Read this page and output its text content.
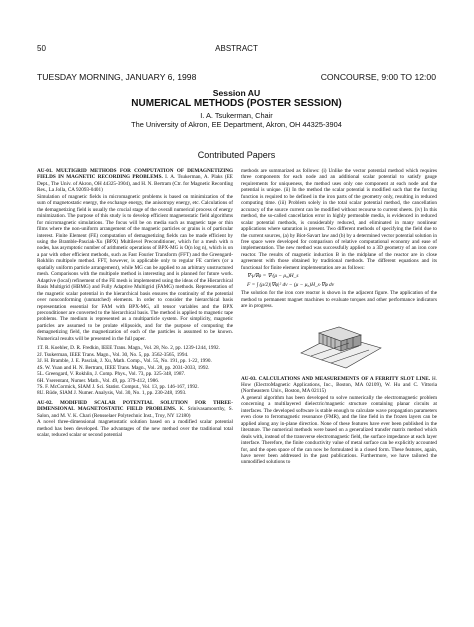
50	ABSTRACT
TUESDAY MORNING, JANUARY 6, 1998	CONCOURSE, 9:00 TO 12:00
Session AU
NUMERICAL METHODS (POSTER SESSION)
I. A. Tsukerman, Chair
The University of Akron, EE Department, Akron, OH 44325-3904
Contributed Papers

AU-01. MULTIGRID METHODS FOR COMPUTATION OF DEMAGNETIZING FIELDS IN MAGNETIC RECORDING PROBLEMS. I. A. Tsukerman, A. Plaks (EE Dept., The Univ. of Akron, OH 44325-3904), and H. N. Bertram (Ctr. for Magnetic Recording Res., La Jolla, CA 92093-0401)

Simulation of magnetic fields in micromagnetic problems is based on minimization of the sum of magnetostatic energy, the exchange energy, the anisotropy energy, etc. Calculations of the demagnetizing field is usually the crucial stage of the overall numerical process of energy minimization. The purpose of this study is to develop efficient magnetostatic field algorithms for micromagnetic simulations. The focus will be on media such as magnetic tape or thin films where the non-uniform arrangement of the magnetic particles or grains is of particular interest. Finite Element (FE) computation of demagnetizing fields can be made efficient by using the Bramble-Pasciak-Xu (BPX) Multilevel Preconditioner, which for a mesh with n nodes, has asymptotic number of arithmetic operations of BPX-MG is O(n log n), which is on a par with other efficient methods, such as Fast Fourier Transform (FFT) and the Greengard-Rokhlin multipole method. FFT, however, is applicable only to regular FE carriers (or a spatially uniform particle arrangement), while MG can be applied to an arbitrary unstructured mesh. Comparisons with the multipole method is interesting and is planned for future work. Adaptive (local) refinement of the FE mesh is implemented using the ideas of the Hierarchical Basis Multigrid (HBMG) and Fully Adaptive Multigrid (FAMG) methods. Representation of the magnetic scalar potential in the hierarchical basis ensures the continuity of the potential over nonconforming (unmatched) elements. In order to consider the hierarchical basis representation essential for FAM with BPX-MG, all tensor variables and the BPX preconditioner are converted to the hierarchical basis. The method is applied to magnetic tape problems. The medium is represented as a multiparticle system. For simplicity, magnetic particles are assumed to be prolate ellipsoids, and for the purpose of computing the demagnetizing field, the magnetization of each of the particles is assumed to be known. Numerical results will be presented in the full paper.

1T. R. Koehler, D. R. Fredkin, IEEE Trans. Magn., Vol. 28, No. 2, pp. 1239-1244, 1992.

2J. Tsukerman, IEEE Trans. Magn., Vol. 30, No. 5, pp. 3562-3565, 1994.

3J. H. Bramble, J. E. Pasciak, J. Xu, Math. Comp., Vol. 55, No. 191, pp. 1-22, 1990.

4S. W. Yuan and H. N. Bertram, IEEE Trans. Magn., Vol. 28, pp. 2031-2033, 1992.

5L. Greengard, V. Rokhlin, J. Comp. Phys., Vol. 73, pp. 325-348, 1987.

6H. Yserentant, Numer. Math., Vol. 49, pp. 379-412, 1986.

7S. F. McCormick, SIAM J. Sci. Statist. Comput., Vol. 13, pp. 146-167, 1992.

8U. Rüde, SIAM J. Numer. Analysis, Vol. 30, No. 1, pp. 230-248, 1993.

AU-02. MODIFIED SCALAR POTENTIAL SOLUTION FOR THREE-DIMENSIONAL MAGNETOSTATIC FIELD PROBLEMS. K. Srinivasamoorthy, S. Salon, and M. V. K. Chari (Rensselaer Polytechnic Inst., Troy, NY 12180)

A novel three-dimensional magnetostatic solution based on a modified scalar potential method has been developed. The advantages of the new method over the traditional total scalar, reduced scalar or second potential

methods are summarized as follows: (i) Unlike the vector potential method which requires three components for each node and an additional scalar potential to satisfy gauge requirements for uniqueness, the method uses only one component at each node and the potential is unique. (ii) In the method the scalar potential is modified such that the forcing function is required to be defined in the iron parts of the geometry only, resulting in reduced computing time. (iii) Problem solely in the total scalar potential method, the cancellation accuracy of the source current can be modified without recourse to current sheets. (iv) In this method, the so-called cancellation error in highly permeable media, is evidenced in reduced scalar potential methods, is considerably reduced, and eliminated in many nonlinear applications where saturation is present. Two different methods of specifying the field due to the current sources, (a) by Biot-Savart law and (b) by a determined vector potential solution in free space were developed for comparison of relative computational economy and ease of implementation. The new method was successfully applied to a 3D geometry of an iron core reactor. The results of magnetic induction B in the midplane of the reactor are in close agreement with those obtained by traditional methods. The different equations and its functional for finite element implementation are as follows:

∇·μ∇φ = ∇·(μ − μ₀)H_s
F = ∫ (μ/2)|∇φ|² dv − (μ − μ₀)H_s·∇φ dv

The solution for the iron core reactor is shown in the adjacent figure. The application of the method to permanent magnet machines to evaluate torques and other performance indicators are in progress.

AU-03. CALCULATIONS AND MEASUREMENTS OF A FERRITY SLOT LINE. H. How (ElectroMagnetic Applications, Inc., Boston, MA 02109), W. Hu and C. Vittoria (Northeastern Univ., Boston, MA 02115)

A general algorithm has been developed to solve numerically the electromagnetic problem concerning a multilayered dielectric/magnetic structure containing planar circuits at interfaces. The developed software is stable enough to calculate wave propagation parameters even close to ferromagnetic resonance (FMR), and the line field in the frozen layers can be applied along any in-plane direction. None of these features have ever been published in the literature. The numerical methods were based on a generalized transfer matrix method which deals with, instead of the transverse electromagnetic field, the surface impedance at each layer interface. Therefore, the finite conductivity value of metal surface can be explicitly accounted for, and the open space of the can now be formulated in a closed form. These features, again, have never been addressed in the past publications. Furthermore, we have tailored the unmodified solutions to
